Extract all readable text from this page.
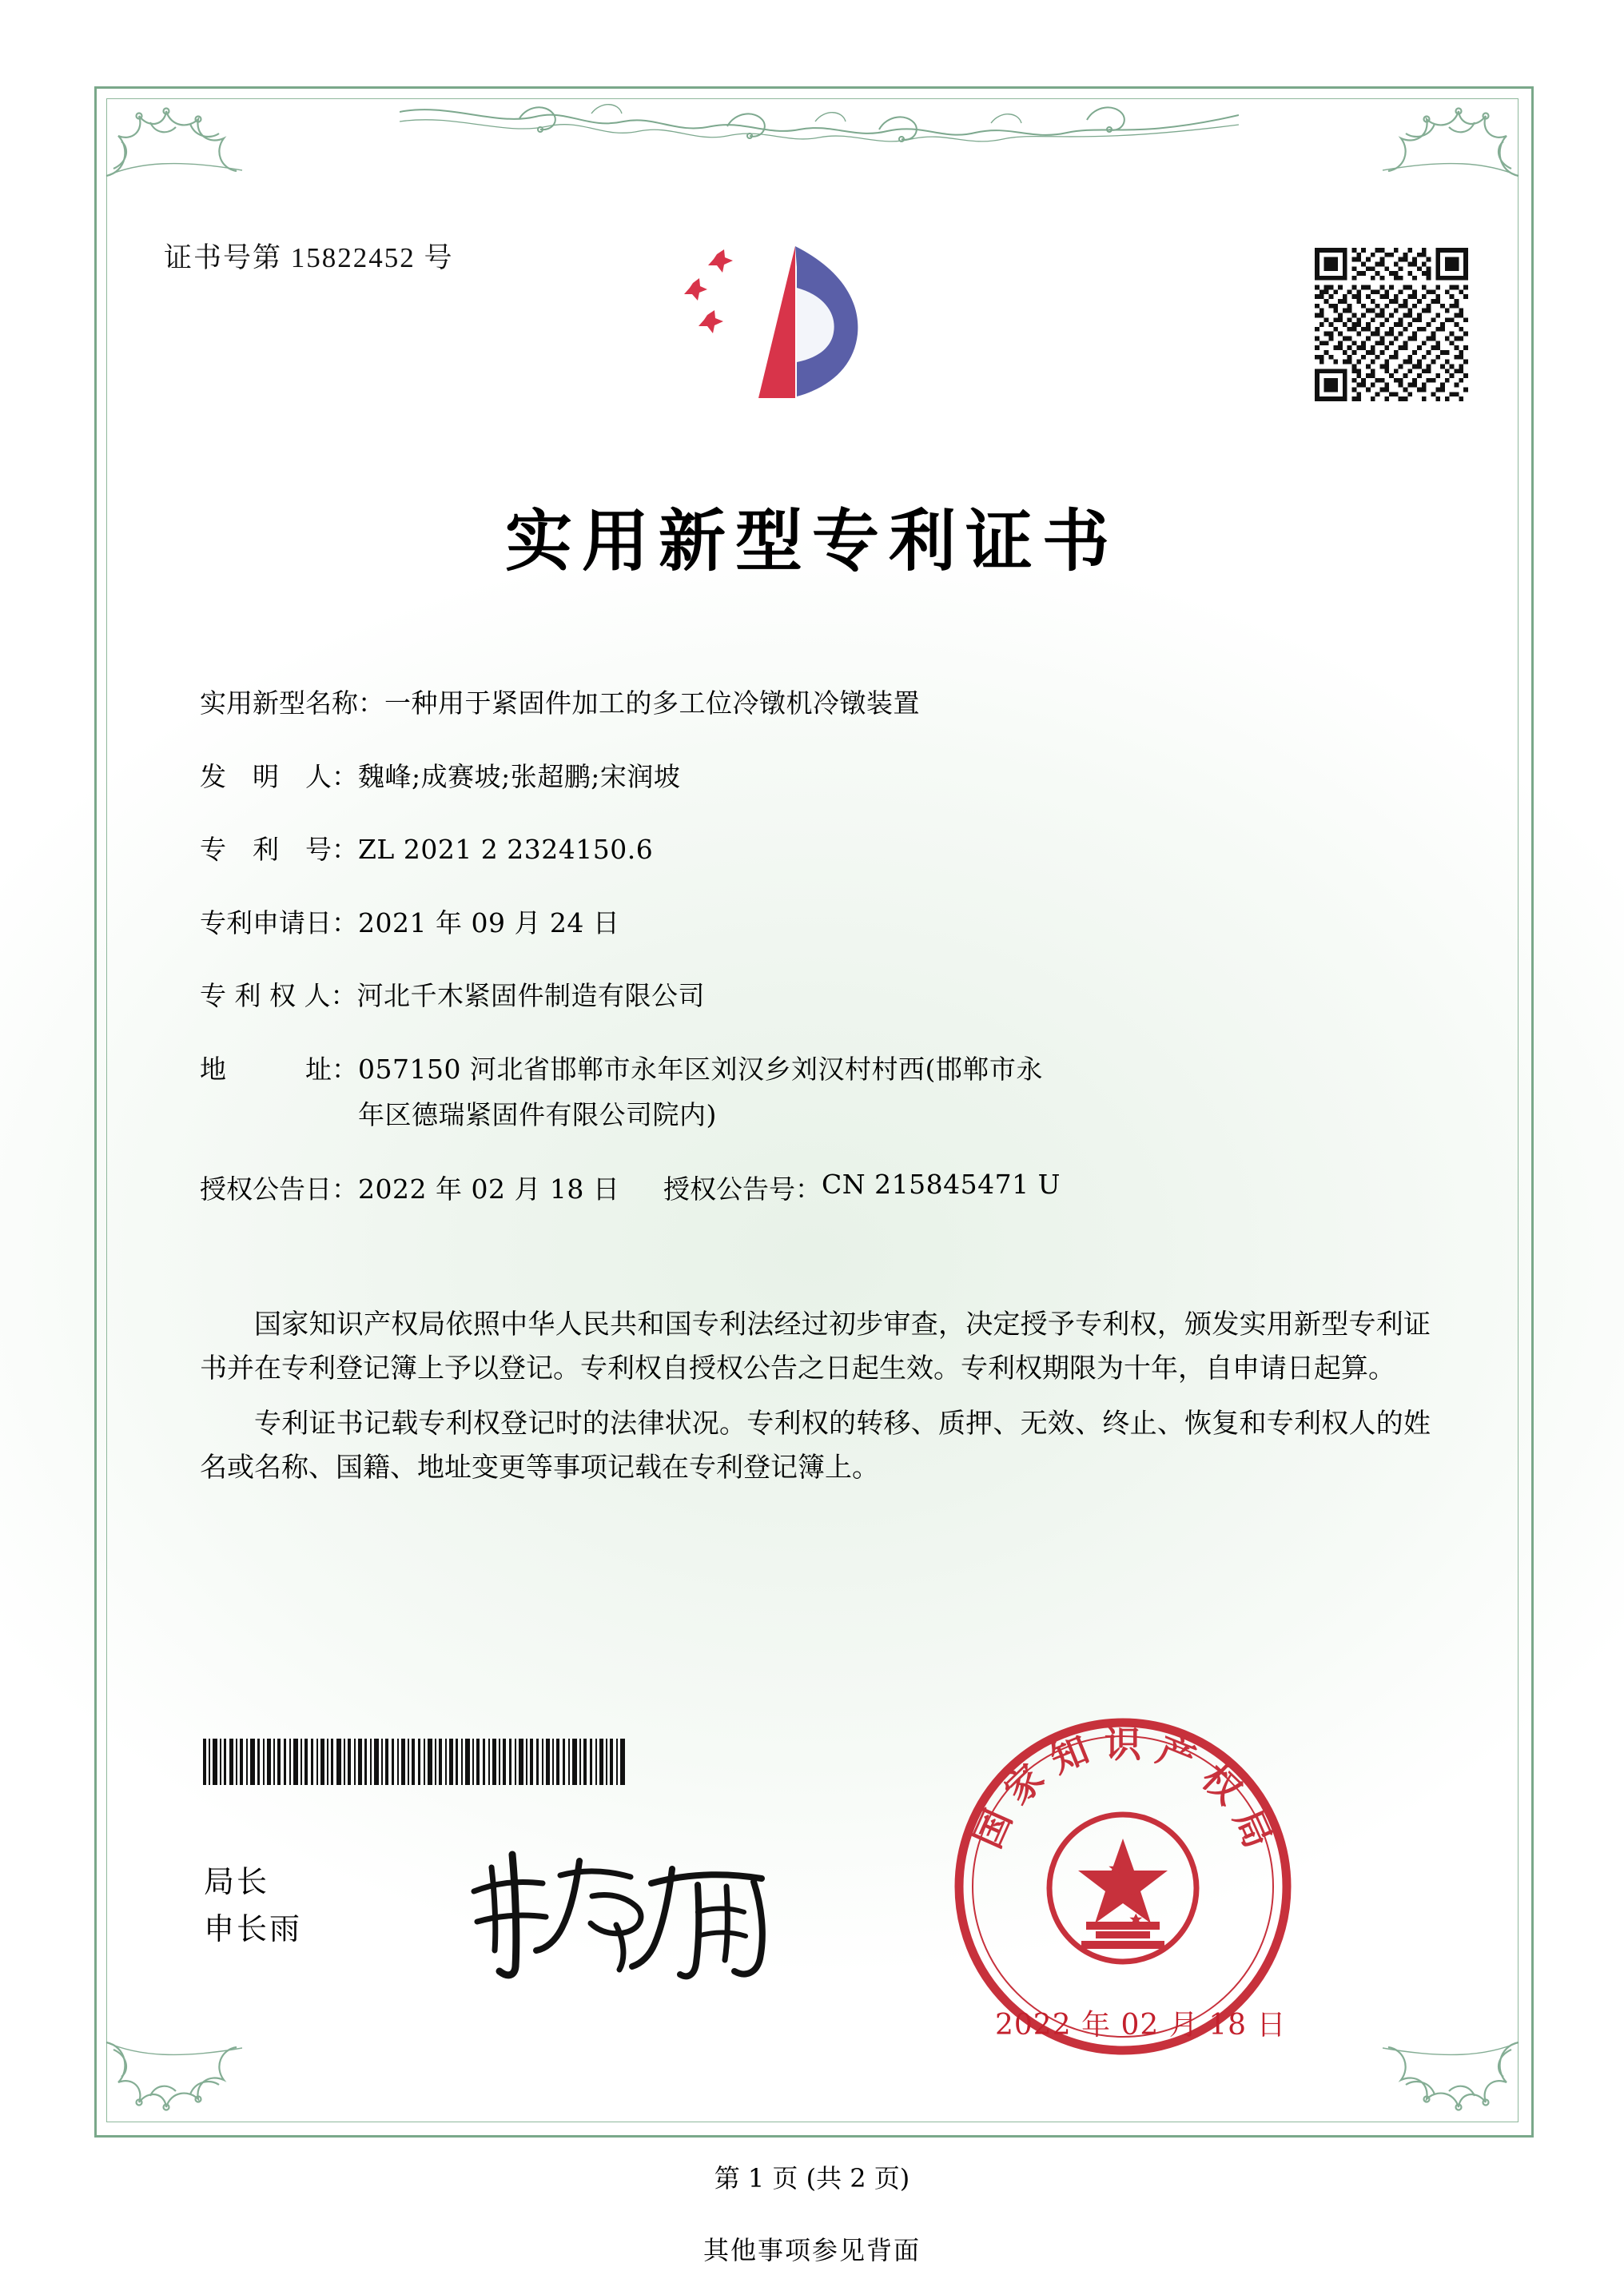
证书号第 15822452 号
实用新型专利证书
实用新型名称： 一种用于紧固件加工的多工位冷镦机冷镦装置
发　明　人： 魏峰;成赛坡;张超鹏;宋润坡
专　利　号： ZL 2021 2 2324150.6
专利申请日： 2021 年 09 月 24 日
专 利 权 人： 河北千木紧固件制造有限公司
地　　　址： 057150 河北省邯郸市永年区刘汉乡刘汉村村西(邯郸市永
年区德瑞紧固件有限公司院内)
授权公告日： 2022 年 02 月 18 日	授权公告号： CN 215845471 U

国家知识产权局依照中华人民共和国专利法经过初步审查，决定授予专利权，颁发实用新型专利证书并在专利登记簿上予以登记。专利权自授权公告之日起生效。专利权期限为十年，自申请日起算。

专利证书记载专利权登记时的法律状况。专利权的转移、质押、无效、终止、恢复和专利权人的姓名或名称、国籍、地址变更等事项记载在专利登记簿上。

局长
申长雨
国
家
知 识 产
权
局
2022 年 02 月 18 日
第 1 页 (共 2 页)
其他事项参见背面
